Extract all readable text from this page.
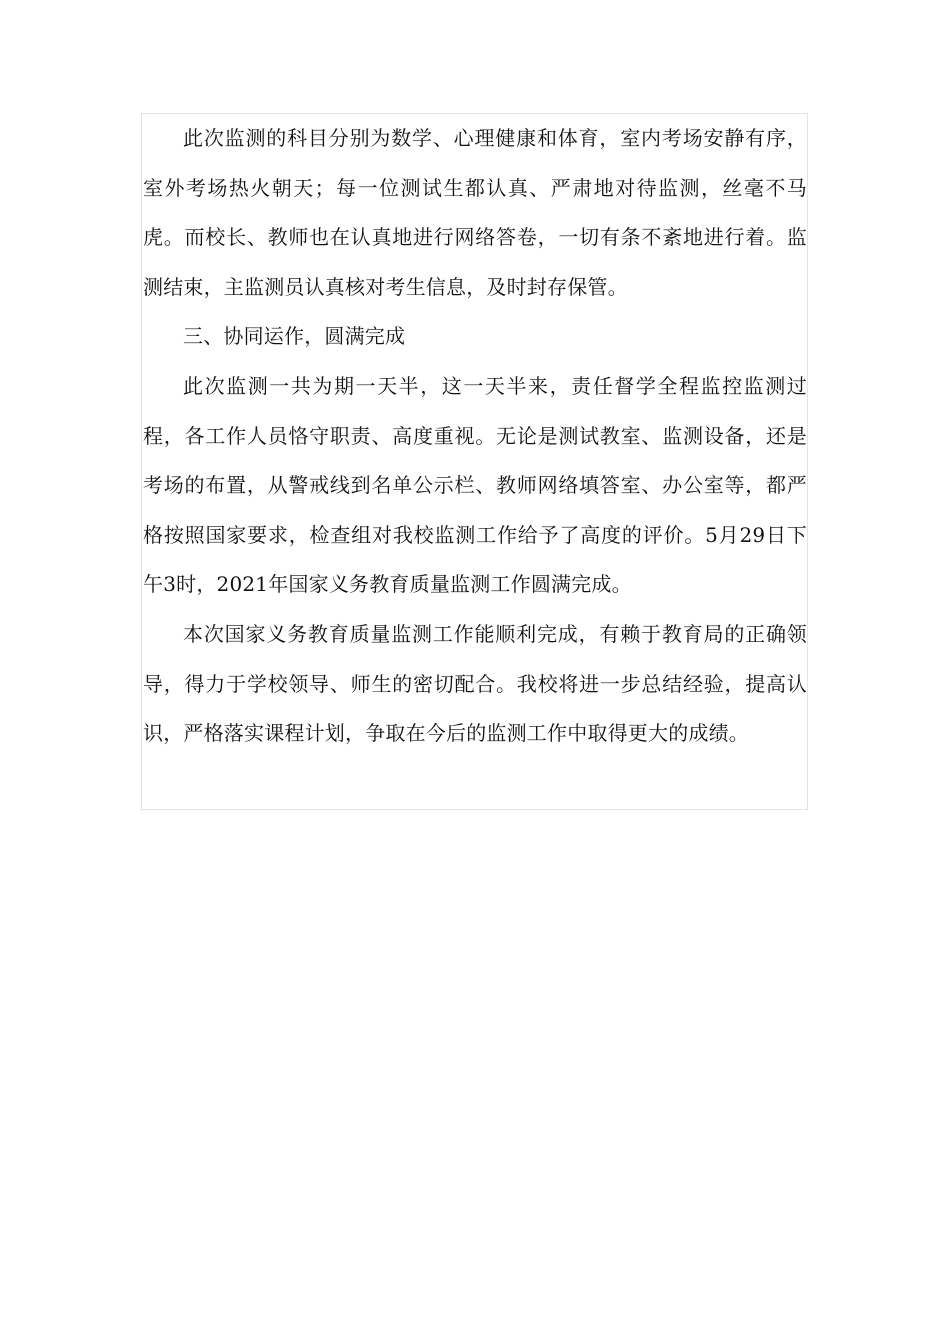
此次监测的科目分别为数学、心理健康和体育，室内考场安静有序，室外考场热火朝天；每一位测试生都认真、严肃地对待监测，丝毫不马虎。而校长、教师也在认真地进行网络答卷，一切有条不紊地进行着。监测结束，主监测员认真核对考生信息，及时封存保管。

三、协同运作，圆满完成

此次监测一共为期一天半，这一天半来，责任督学全程监控监测过程，各工作人员恪守职责、高度重视。无论是测试教室、监测设备，还是考场的布置，从警戒线到名单公示栏、教师网络填答室、办公室等，都严格按照国家要求，检查组对我校监测工作给予了高度的评价。5月29日下午3时，2021年国家义务教育质量监测工作圆满完成。

本次国家义务教育质量监测工作能顺利完成，有赖于教育局的正确领导，得力于学校领导、师生的密切配合。我校将进一步总结经验，提高认识，严格落实课程计划，争取在今后的监测工作中取得更大的成绩。
